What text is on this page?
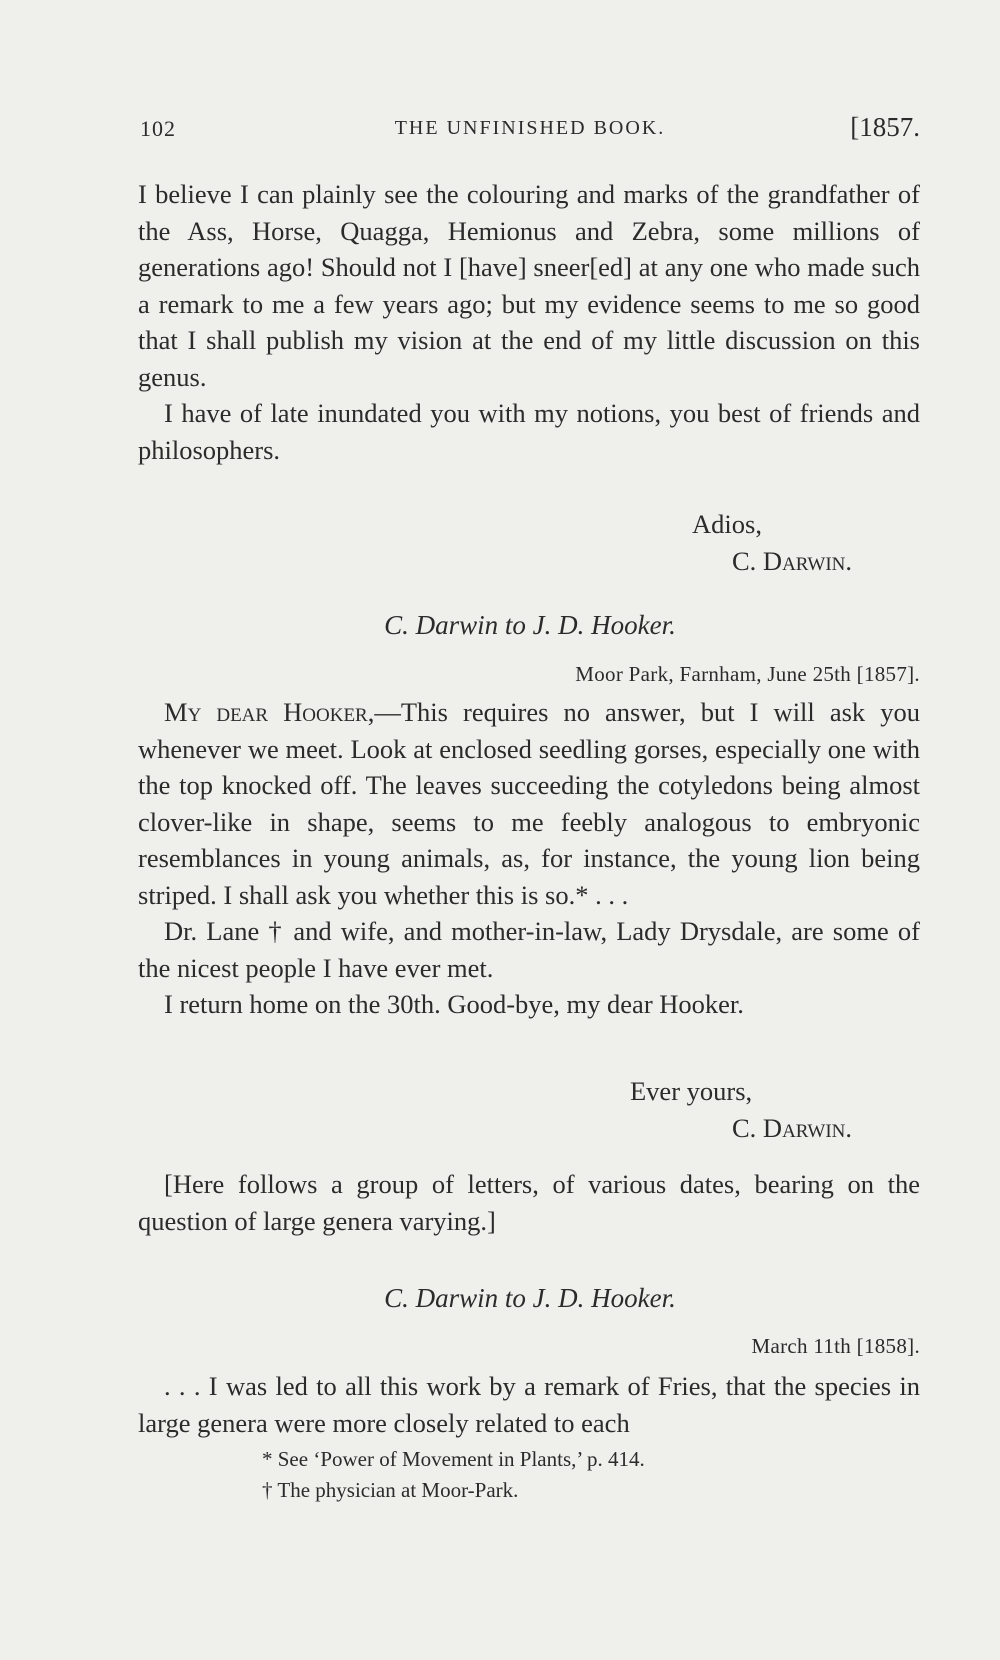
102	THE UNFINISHED BOOK.	[1857.

I believe I can plainly see the colouring and marks of the grandfather of the Ass, Horse, Quagga, Hemionus and Zebra, some millions of generations ago! Should not I [have] sneer[ed] at any one who made such a remark to me a few years ago; but my evidence seems to me so good that I shall publish my vision at the end of my little discussion on this genus.

I have of late inundated you with my notions, you best of friends and philosophers.

Adios,
C. Darwin.
C. Darwin to J. D. Hooker.
Moor Park, Farnham, June 25th [1857].

My dear Hooker,—This requires no answer, but I will ask you whenever we meet. Look at enclosed seedling gorses, especially one with the top knocked off. The leaves succeeding the cotyledons being almost clover-like in shape, seems to me feebly analogous to embryonic resemblances in young animals, as, for instance, the young lion being striped. I shall ask you whether this is so.* . . .

Dr. Lane † and wife, and mother-in-law, Lady Drysdale, are some of the nicest people I have ever met.

I return home on the 30th. Good-bye, my dear Hooker.

Ever yours,
C. Darwin.

[Here follows a group of letters, of various dates, bearing on the question of large genera varying.]

C. Darwin to J. D. Hooker.
March 11th [1858].

. . . I was led to all this work by a remark of Fries, that the species in large genera were more closely related to each

* See ‘Power of Movement in Plants,’ p. 414.

† The physician at Moor-Park.
